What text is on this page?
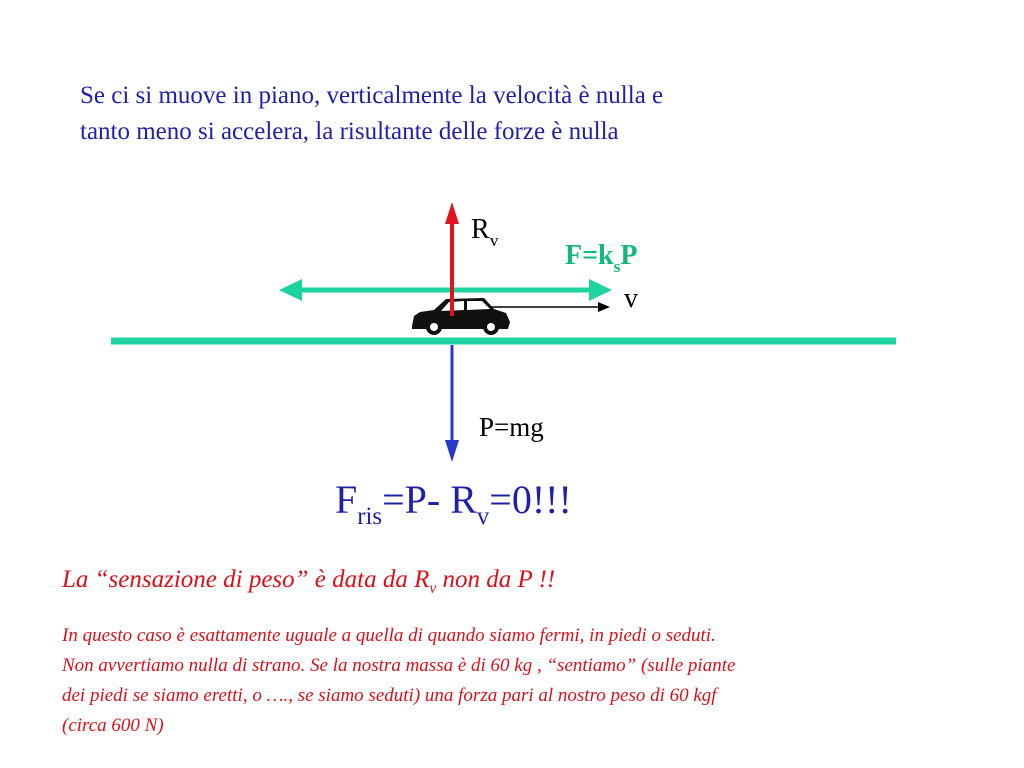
Se ci si muove in piano, verticalmente la velocità è nulla e
tanto meno si accelera, la risultante delle forze è nulla
$R_v$ $F=k_sP$
v
P=mg
$F_{ris}=P-$ $R_v=0$!!!
La “sensazione di peso” è data da $R_v$ non da P !!
In questo caso è esattamente uguale a quella di quando siamo fermi, in piedi o seduti.
Non avvertiamo nulla di strano. Se la nostra massa è di 60 kg , “sentiamo” (sulle piante
dei piedi se siamo eretti, o …., se siamo seduti) una forza pari al nostro peso di 60 kgf
(circa 600 N)
